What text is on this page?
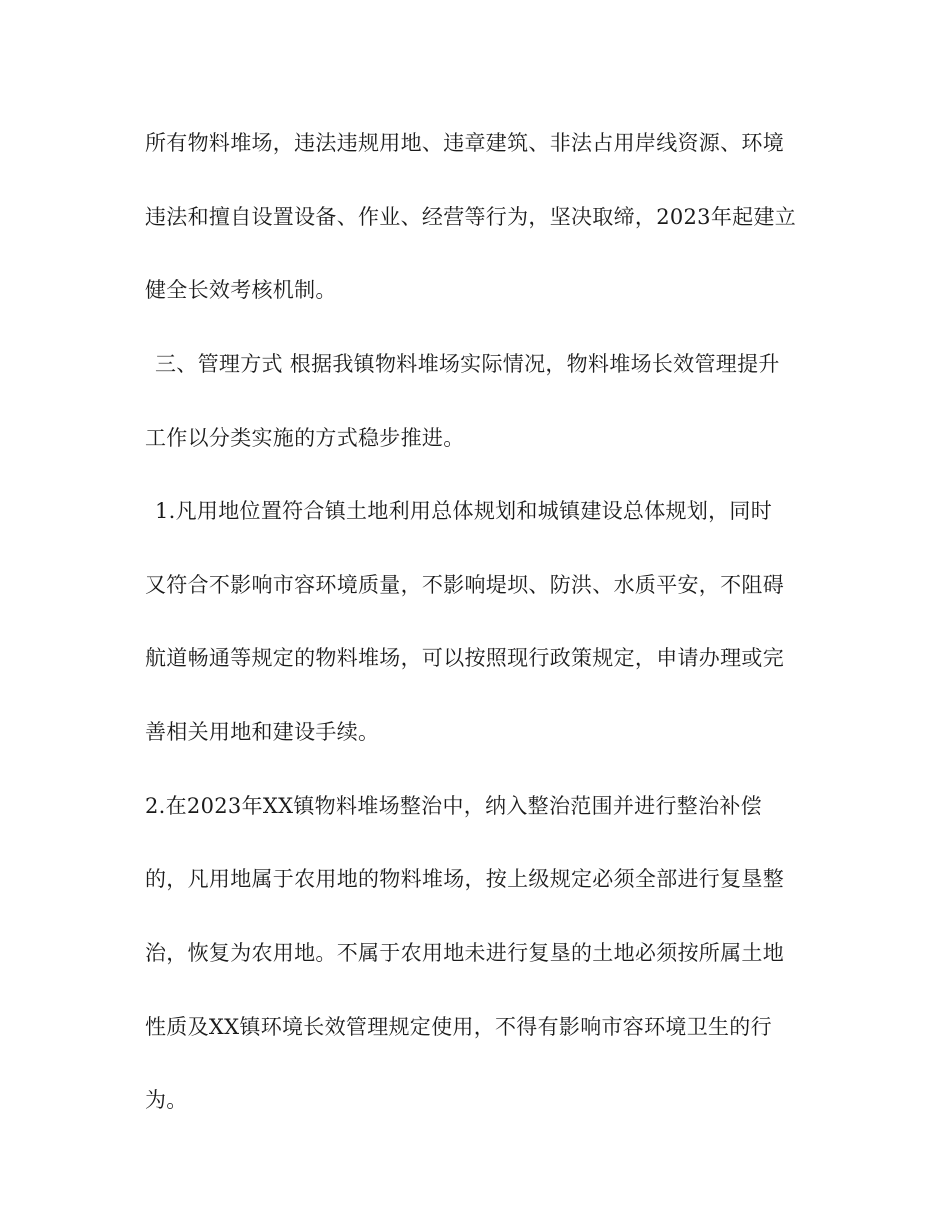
所有物料堆场，违法违规用地、违章建筑、非法占用岸线资源、环境
违法和擅自设置设备、作业、经营等行为，坚决取缔，2023年起建立
健全长效考核机制。
三、管理方式 根据我镇物料堆场实际情况，物料堆场长效管理提升
工作以分类实施的方式稳步推进。
1.凡用地位置符合镇土地利用总体规划和城镇建设总体规划，同时
又符合不影响市容环境质量，不影响堤坝、防洪、水质平安，不阻碍
航道畅通等规定的物料堆场，可以按照现行政策规定，申请办理或完
善相关用地和建设手续。
2.在2023年XX镇物料堆场整治中，纳入整治范围并进行整治补偿
的，凡用地属于农用地的物料堆场，按上级规定必须全部进行复垦整
治，恢复为农用地。不属于农用地未进行复垦的土地必须按所属土地
性质及XX镇环境长效管理规定使用，不得有影响市容环境卫生的行
为。
